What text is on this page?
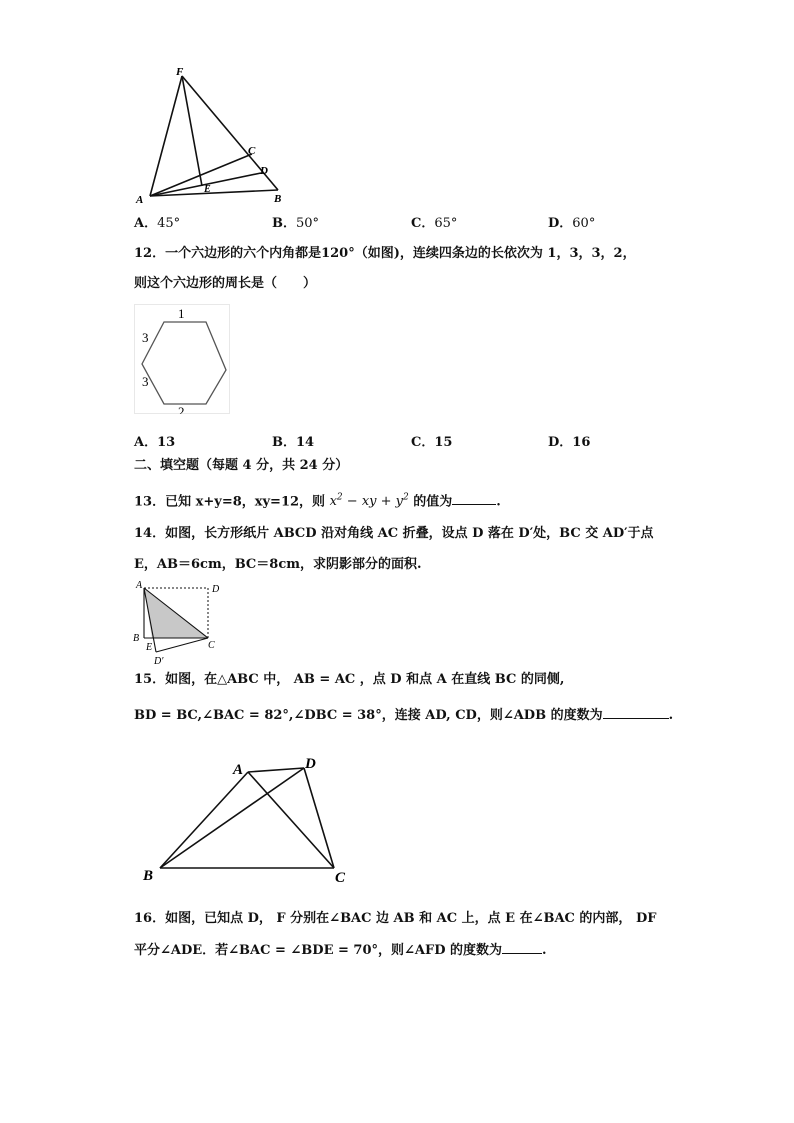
F
A	B
C
D
E
A．45°	B．50°	C．65°	D．60°
12．一个六边形的六个内角都是120°（如图)，连续四条边的长依次为 1，3，3，2，
则这个六边形的周长是（　　）
1
3
3
2
A．13	B．14	C．15	D．16
二、填空题（每题 4 分，共 24 分）
13．已知 x+y=8，xy=12，则 $x^2$ − xy + $y^2$ 的值为	.
14．如图，长方形纸片 ABCD 沿对角线 AC 折叠，设点 D 落在 D′处，BC 交 AD′于点
E，AB＝6cm，BC＝8cm，求阴影部分的面积.
A	D
B
C
E
D′
15．如图，在△ABC 中， AB = AC ，点 D 和点 A 在直线 BC 的同侧,
BD = BC,∠BAC = 82°,∠DBC = 38°，连接 AD, CD，则∠ADB 的度数为	.
A	D
B	C
16．如图，已知点 D， F 分别在∠BAC 边 AB 和 AC 上，点 E 在∠BAC 的内部， DF
平分∠ADE．若∠BAC = ∠BDE = 70°，则∠AFD 的度数为	.
